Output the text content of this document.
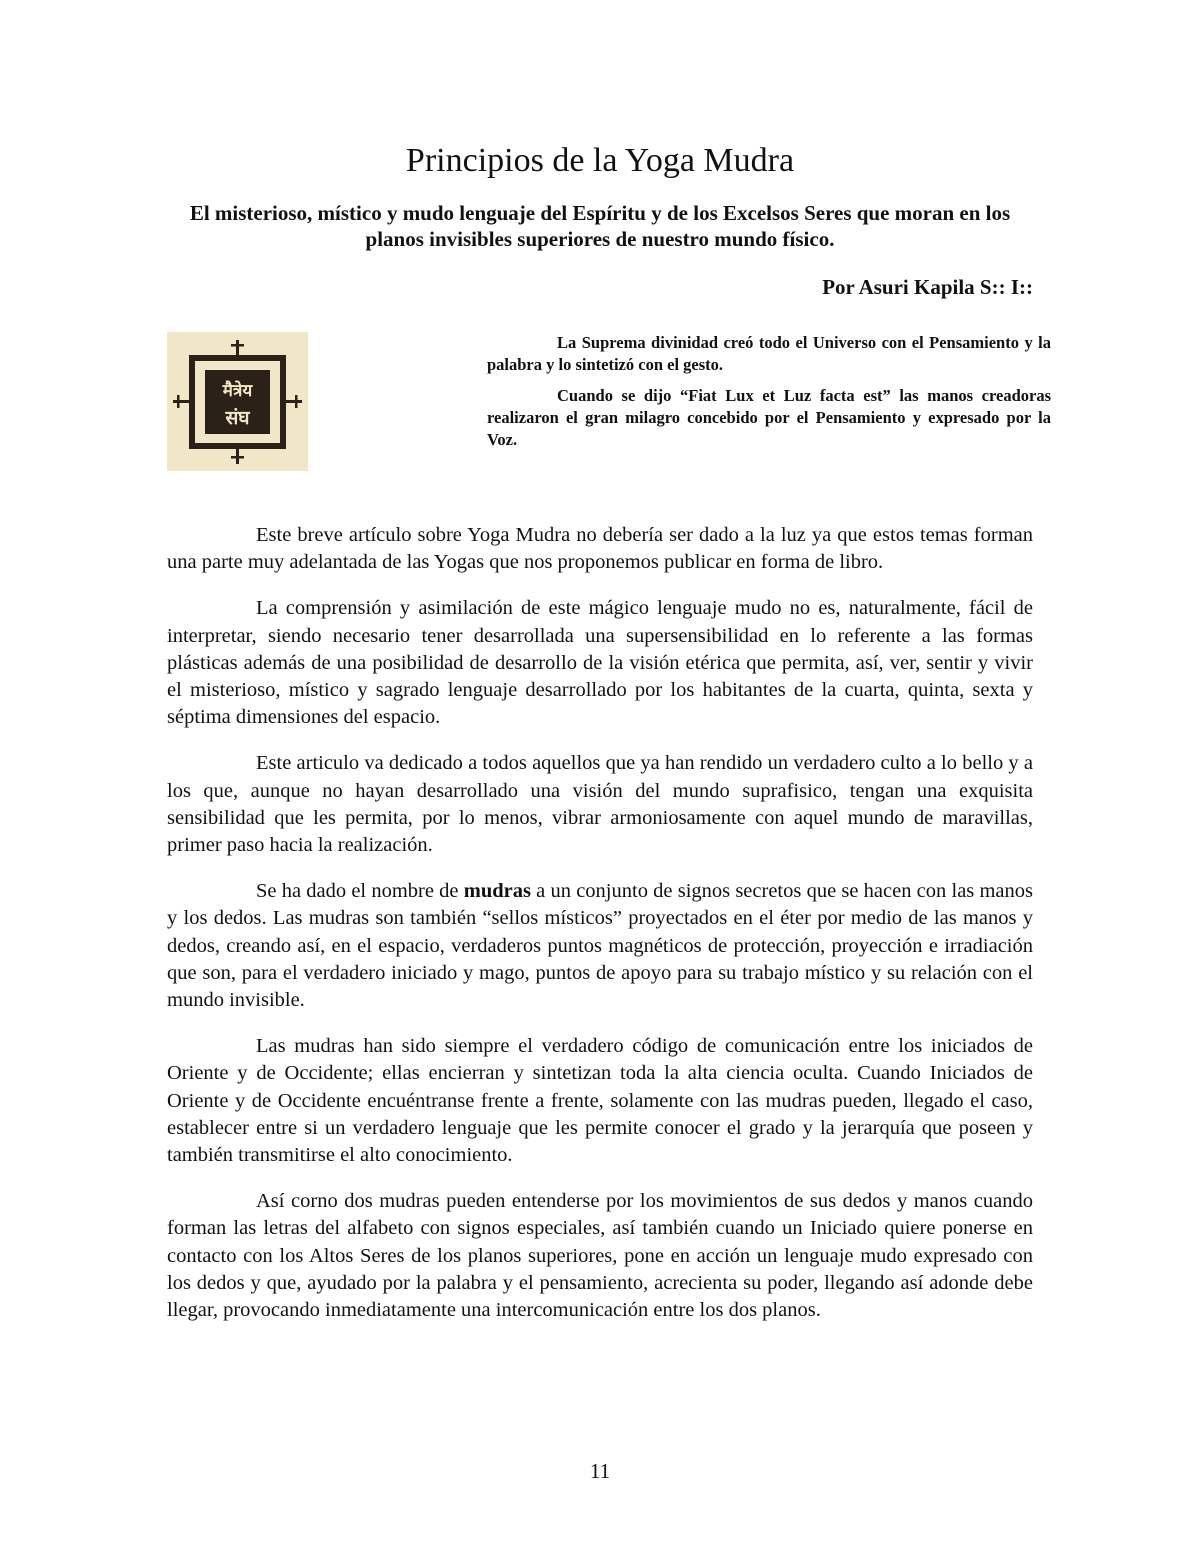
Principios de la Yoga Mudra

El misterioso, místico y mudo lenguaje del Espíritu y de los Excelsos Seres que moran en los planos invisibles superiores de nuestro mundo físico.

Por Asuri Kapila S:: I::

मैत्रेय
संघ

La Suprema divinidad creó todo el Universo con el Pensamiento y la palabra y lo sintetizó con el gesto.

Cuando se dijo “Fiat Lux et Luz facta est” las manos creadoras realizaron el gran milagro concebido por el Pensamiento y expresado por la Voz.

Este breve artículo sobre Yoga Mudra no debería ser dado a la luz ya que estos temas forman una parte muy adelantada de las Yogas que nos proponemos publicar en forma de libro.

La comprensión y asimilación de este mágico lenguaje mudo no es, naturalmente, fácil de interpretar, siendo necesario tener desarrollada una supersensibilidad en lo referente a las formas plásticas además de una posibilidad de desarrollo de la visión etérica que permita, así, ver, sentir y vivir el misterioso, místico y sagrado lenguaje desarrollado por los habitantes de la cuarta, quinta, sexta y séptima dimensiones del espacio.

Este articulo va dedicado a todos aquellos que ya han rendido un verdadero culto a lo bello y a los que, aunque no hayan desarrollado una visión del mundo suprafisico, tengan una exquisita sensibilidad que les permita, por lo menos, vibrar armoniosamente con aquel mundo de maravillas, primer paso hacia la realización.

Se ha dado el nombre de mudras a un conjunto de signos secretos que se hacen con las manos y los dedos. Las mudras son también “sellos místicos” proyectados en el éter por medio de las manos y dedos, creando así, en el espacio, verdaderos puntos magnéticos de protección, proyección e irradiación que son, para el verdadero iniciado y mago, puntos de apoyo para su trabajo místico y su relación con el mundo invisible.

Las mudras han sido siempre el verdadero código de comunicación entre los iniciados de Oriente y de Occidente; ellas encierran y sintetizan toda la alta ciencia oculta. Cuando Iniciados de Oriente y de Occidente encuéntranse frente a frente, solamente con las mudras pueden, llegado el caso, establecer entre si un verdadero lenguaje que les permite conocer el grado y la jerarquía que poseen y también transmitirse el alto conocimiento.

Así corno dos mudras pueden entenderse por los movimientos de sus dedos y manos cuando forman las letras del alfabeto con signos especiales, así también cuando un Iniciado quiere ponerse en contacto con los Altos Seres de los planos superiores, pone en acción un lenguaje mudo expresado con los dedos y que, ayudado por la palabra y el pensamiento, acrecienta su poder, llegando así adonde debe llegar, provocando inmediatamente una intercomunicación entre los dos planos.

11
